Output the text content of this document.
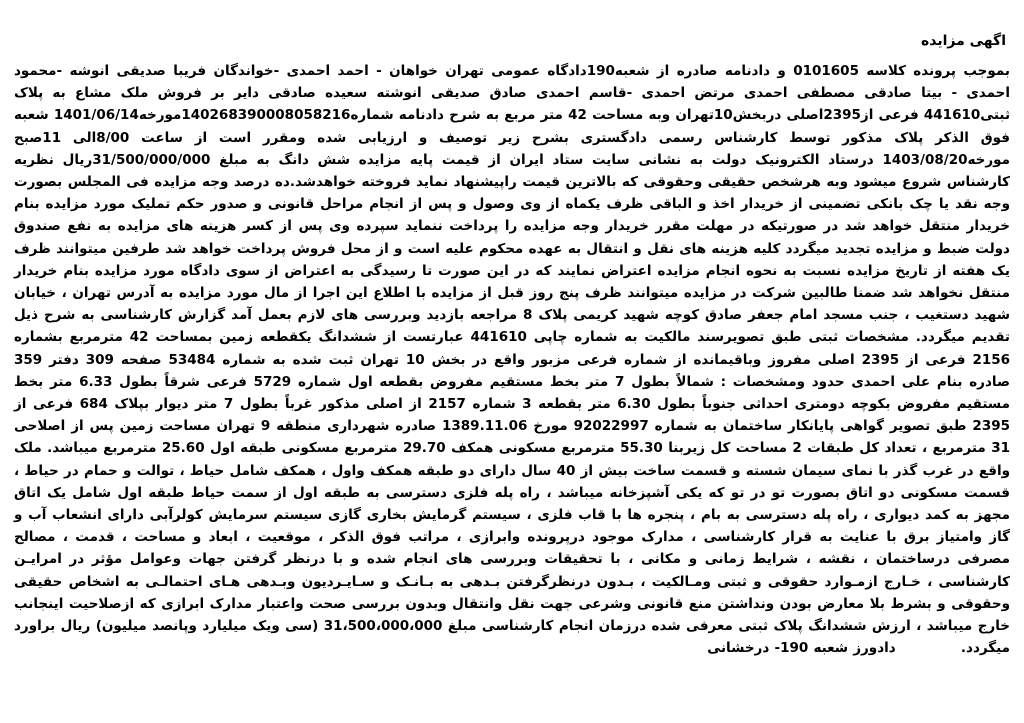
اگهی مزایده

بموجب پرونده کلاسه 0101605 و دادنامه صادره از شعبه190دادگاه عمومی تهران خواهان - احمد احمدی -خواندگان فریبا صدیقی انوشه -محمود احمدی - بیتا صادقی مصطفی احمدی مرتض احمدی -قاسم احمدی صادق صدیقی انوشته سعیده صادقی دایر بر فروش ملک مشاع به پلاک ثبتی441610 فرعی از2395اصلی دربخش10تهران وبه مساحت 42 متر مربع به شرح دادنامه شماره140268390008058216مورخه1401/06/14 شعبه فوق الذکر پلاک مذکور توسط کارشناس رسمی دادگستری بشرح زیر توصیف و ارزیابی شده ومقرر است از ساعت 8/00الی 11صبح مورخه1403/08/20 درستاد الکترونیک دولت به نشانی سایت ستاد ایران از قیمت پایه مزایده شش دانگ به مبلغ 31/500/000/000ریال نظریه کارشناس شروع میشود وبه هرشخص حقیقی وحقوقی که بالاترین قیمت راپیشنهاد نماید فروخته خواهدشد.ده درصد وجه مزایده فی المجلس بصورت وجه نقد یا چک بانکی تضمینی از خریدار اخذ و الباقی ظرف یکماه از وی وصول و پس از انجام مراحل قانونی و صدور حکم تملیک مورد مزایده بنام خریدار منتقل خواهد شد در صورتیکه در مهلت مقرر خریدار وجه مزایده را پرداخت ننماید سپرده وی پس از کسر هزینه های مزایده به نفع صندوق دولت ضبط و مزایده تجدید میگردد کلیه هزینه های نقل و انتقال به عهده محکوم علیه است و از محل فروش پرداخت خواهد شد طرفین میتوانند ظرف یک هفته از تاریخ مزایده نسبت به نحوه انجام مزایده اعتراض نمایند که در این صورت تا رسیدگی به اعتراض از سوی دادگاه مورد مزایده بنام خریدار منتقل نخواهد شد ضمنا طالبین شرکت در مزایده میتوانند ظرف پنج روز قبل از مزایده با اطلاع این اجرا از مال مورد مزایده به آدرس تهران ، خیابان شهید دستغیب ، جنب مسجد امام جعفر صادق کوچه شهید کریمی پلاک 8 مراجعه بازدید وبررسی های لازم بعمل آمد گزارش کارشناسی به شرح ذیل تقدیم میگردد. مشخصات ثبتی طبق تصویرسند مالکیت به شماره چاپی 441610 عبارتست از ششدانگ یکقطعه زمین بمساحت 42 مترمربع بشماره 2156 فرعی از 2395 اصلی مفروز وباقیمانده از شماره فرعی مزبور واقع در بخش 10 تهران ثبت شده به شماره 53484 صفحه 309 دفتر 359 صادره بنام علی احمدی حدود ومشخصات : شمالاً بطول 7 متر بخط مستقیم مفروض بقطعه اول شماره 5729 فرعی شرقاً بطول 6.33 متر بخط مستقیم مفروض بکوچه دومتری احداثی جنوباً بطول 6.30 متر بقطعه 3 شماره 2157 از اصلی مذکور غرباً بطول 7 متر دیوار بپلاک 684 فرعی از 2395 طبق تصویر گواهی پایانکار ساختمان به شماره 92022997 مورخ 1389.11.06 صادره شهرداری منطقه 9 تهران مساحت زمین پس از اصلاحی 31 مترمربع ، تعداد کل طبقات 2 مساحت کل زیربنا 55.30 مترمربع مسکونی همکف 29.70 مترمربع مسکونی طبقه اول 25.60 مترمربع میباشد. ملک واقع در غرب گذر با نمای سیمان شسته و قسمت ساخت بیش از 40 سال دارای دو طبقه همکف واول ، همکف شامل حیاط ، توالت و حمام در حیاط ، قسمت مسکونی دو اتاق بصورت تو در تو که یکی آشپزخانه میباشد ، راه پله فلزی دسترسی به طبقه اول از سمت حیاط طبقه اول شامل یک اتاق مجهز به کمد دیواری ، راه پله دسترسی به بام ، پنجره ها با قاب فلزی ، سیستم گرمایش بخاری گازی سیستم سرمایش کولرآبی دارای انشعاب آب و گاز وامتیاز برق با عنایت به قرار کارشناسی ، مدارک موجود درپرونده وابرازی ، مراتب فوق الذکر ، موقعیت ، ابعاد و مساحت ، قدمت ، مصالح مصرفی درساختمان ، نقشه ، شرایط زمانی و مکانی ، با تحقیقات وبررسی های انجام شده و با درنظر گرفتن جهات وعوامل مؤثر در امرایـن کارشناسی ، خـارج ازمـوارد حقوقی و ثبتی ومـالکیت ، بـدون درنظرگرفتن بـدهی به بـانـک و سـایـردیون وبـدهی هـای احتمالـی به اشخاص حقیقی وحقوقی و بشرط بلا معارض بودن ونداشتن منع قانونی وشرعی جهت نقل وانتقال وبدون بررسی صحت واعتبار مدارک ابرازی که ازصلاحیت اینجانب خارج میباشد ، ارزش ششدانگ پلاک ثبتی معرفی شده درزمان انجام کارشناسی مبلغ 31،500،000،000 (سی ویک میلیارد وپانصد میلیون) ریال براورد میگردد. دادورز شعبه 190- درخشانی
